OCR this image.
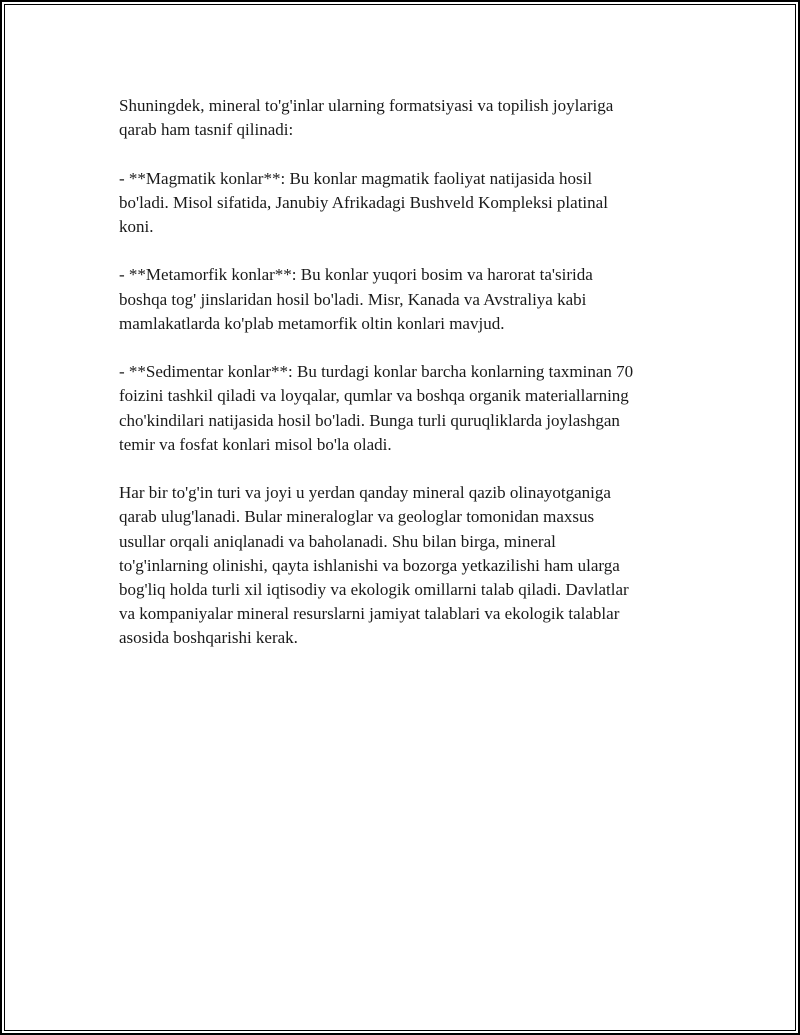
Shuningdek, mineral to'g'inlar ularning formatsiyasi va topilish joylariga
qarab ham tasnif qilinadi:

- **Magmatik konlar**: Bu konlar magmatik faoliyat natijasida hosil
bo'ladi. Misol sifatida, Janubiy Afrikadagi Bushveld Kompleksi platinal
koni.

- **Metamorfik konlar**: Bu konlar yuqori bosim va harorat ta'sirida
boshqa tog' jinslaridan hosil bo'ladi. Misr, Kanada va Avstraliya kabi
mamlakatlarda ko'plab metamorfik oltin konlari mavjud.

- **Sedimentar konlar**: Bu turdagi konlar barcha konlarning taxminan 70
foizini tashkil qiladi va loyqalar, qumlar va boshqa organik materiallarning
cho'kindilari natijasida hosil bo'ladi. Bunga turli quruqliklarda joylashgan
temir va fosfat konlari misol bo'la oladi.

Har bir to'g'in turi va joyi u yerdan qanday mineral qazib olinayotganiga
qarab ulug'lanadi. Bular mineraloglar va geologlar tomonidan maxsus
usullar orqali aniqlanadi va baholanadi. Shu bilan birga, mineral
to'g'inlarning olinishi, qayta ishlanishi va bozorga yetkazilishi ham ularga
bog'liq holda turli xil iqtisodiy va ekologik omillarni talab qiladi. Davlatlar
va kompaniyalar mineral resurslarni jamiyat talablari va ekologik talablar
asosida boshqarishi kerak.
